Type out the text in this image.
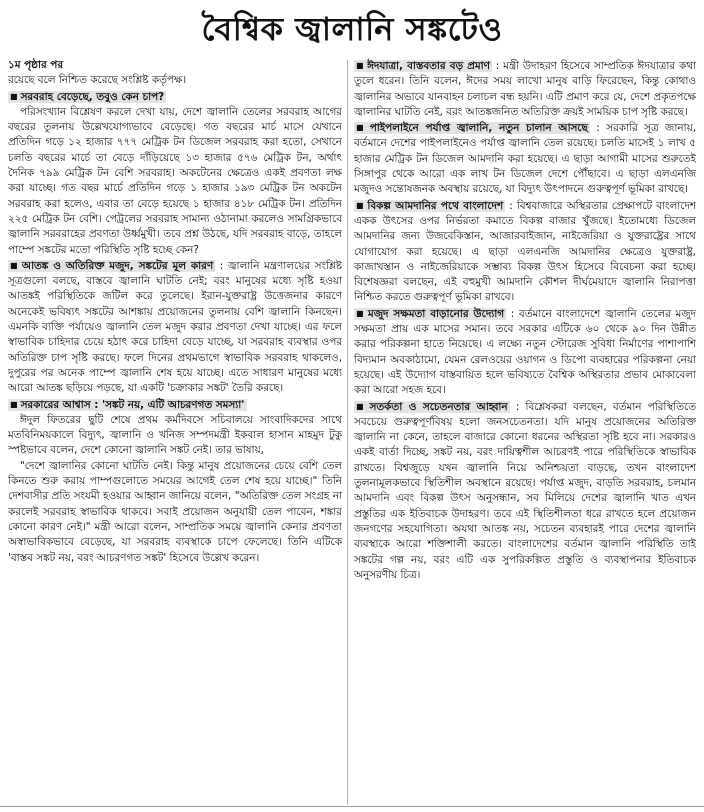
বৈশ্বিক জ্বালানি সঙ্কটেও

১ম পৃষ্ঠার পর

রয়েছে বলে নিশ্চিত করেছে সংশ্লিষ্ট কর্তৃপক্ষ।

■ সরবরাহ বেড়েছে, তবুও কেন চাপ?

পরিসংখ্যান বিশ্লেষণ করলে দেখা যায়, দেশে জ্বালানি তেলের সরবরাহ আগের বছরের তুলনায় উল্লেখযোগ্যভাবে বেড়েছে। গত বছরের মার্চ মাসে যেখানে প্রতিদিন গড়ে ১২ হাজার ৭৭৭ মেট্রিক টন ডিজেল সরবরাহ করা হতো, সেখানে চলতি বছরের মার্চে তা বেড়ে দাঁড়িয়েছে ১৩ হাজার ৫৭৬ মেট্রিক টন, অর্থাৎ দৈনিক ৭৯৯ মেট্রিক টন বেশি সরবরাহ। অকটেনের ক্ষেত্রেও একই প্রবণতা লক্ষ করা যাচ্ছে। গত বছর মার্চে প্রতিদিন গড়ে ১ হাজার ১৯৩ মেট্রিক টন অকটেন সরবরাহ করা হলেও, এবার তা বেড়ে হয়েছে ১ হাজার ৪১৮ মেট্রিক টন। প্রতিদিন ২২৫ মেট্রিক টন বেশি। পেট্রলের সরবরাহ সামান্য ওঠানামা করলেও সামগ্রিকভাবে জ্বালানি সরবরাহের প্রবণতা উর্ধ্বমুখী। তবে প্রশ্ন উঠছে, যদি সরবরাহ বাড়ে, তাহলে পাম্পে সঙ্কটের মতো পরিস্থিতি সৃষ্টি হচ্ছে কেন?

■ আতঙ্ক ও অতিরিক্ত মজুদ, সঙ্কটের মূল কারণ : জ্বালানি মন্ত্রণালয়ের সংশ্লিষ্ট সূত্রগুলো বলছে, বাস্তবে জ্বালানি ঘাটতি নেই; বরং মানুষের মধ্যে সৃষ্টি হওয়া আতঙ্কই পরিস্থিতিকে জটিল করে তুলেছে। ইরান-যুক্তরাষ্ট্র উত্তেজনার কারণে অনেকেই ভবিষ্যৎ সঙ্কটের আশঙ্কায় প্রয়োজনের তুলনায় বেশি জ্বালানি কিনছেন। এমনকি ব্যক্তি পর্যায়েও জ্বালানি তেল মজুদ করার প্রবণতা দেখা যাচ্ছে। এর ফলে স্বাভাবিক চাহিদার চেয়ে হঠাৎ করে চাহিদা বেড়ে যাচ্ছে, যা সরবরাহ ব্যবস্থার ওপর অতিরিক্ত চাপ সৃষ্টি করছে। ফলে দিনের প্রথমভাগে স্বাভাবিক সরবরাহ থাকলেও, দুপুরের পর অনেক পাম্পে জ্বালানি শেষ হয়ে যাচ্ছে। এতে সাধারণ মানুষের মধ্যে আরো আতঙ্ক ছড়িয়ে পড়ছে, যা একটি 'চক্রাকার সঙ্কট' তৈরি করছে।

■ সরকারের আশ্বাস : 'সঙ্কট নয়, এটি আচরণগত সমস্যা'

ঈদুল ফিতরের ছুটি শেষে প্রথম কর্মদিবসে সচিবালয়ে সাংবাদিকদের সাথে মতবিনিময়কালে বিদ্যুৎ, জ্বালানি ও খনিজ সম্পদমন্ত্রী ইকবাল হাসান মাহমুদ টুকু স্পষ্টভাবে বলেন, দেশে কোনো জ্বালানি সঙ্কট নেই। তার ভাষায়,

"দেশে জ্বালানির কোনো ঘাটতি নেই। কিন্তু মানুষ প্রয়োজনের চেয়ে বেশি তেল কিনতে শুরু করায় পাম্পগুলোতে সময়ের আগেই তেল শেষ হয়ে যাচ্ছে।" তিনি দেশবাসীর প্রতি সংযমী হওয়ার আহ্বান জানিয়ে বলেন, "অতিরিক্ত তেল সংগ্রহ না করলেই সরবরাহ স্বাভাবিক থাকবে। সবাই প্রয়োজন অনুযায়ী তেল পাবেন, শঙ্কার কোনো কারণ নেই।" মন্ত্রী আরো বলেন, সাম্প্রতিক সময়ে জ্বালানি কেনার প্রবণতা অস্বাভাবিকভাবে বেড়েছে, যা সরবরাহ ব্যবস্থাকে চাপে ফেলেছে। তিনি এটিকে 'বাস্তব সঙ্কট নয়, বরং আচরণগত সঙ্কট' হিসেবে উল্লেখ করেন।

■ ঈদযাত্রা, বাস্তবতার বড় প্রমাণ : মন্ত্রী উদাহরণ হিসেবে সাম্প্রতিক ঈদযাত্রার কথা তুলে ধরেন। তিনি বলেন, ঈদের সময় লাখো মানুষ বাড়ি ফিরেছেন, কিন্তু কোথাও জ্বালানির অভাবে যানবাহন চলাচল বন্ধ হয়নি। এটি প্রমাণ করে যে, দেশে প্রকৃতপক্ষে জ্বালানির ঘাটতি নেই, বরং আতঙ্কজনিত অতিরিক্ত ক্রয়ই সাময়িক চাপ সৃষ্টি করছে।

■ পাইপলাইনে পর্যাপ্ত জ্বালানি, নতুন চালান আসছে : সরকারি সূত্র জানায়, বর্তমানে দেশের পাইপলাইনেও পর্যাপ্ত জ্বালানি তেল রয়েছে। চলতি মাসেই ১ লাখ ৫ হাজার মেট্রিক টন ডিজেল আমদানি করা হয়েছে। এ ছাড়া আগামী মাসের শুরুতেই সিঙ্গাপুর থেকে আরো এক লাখ টন ডিজেল দেশে পৌঁছাবে। এ ছাড়া এলএনজি মজুদও সন্তোষজনক অবস্থায় রয়েছে, যা বিদ্যুৎ উৎপাদনে গুরুত্বপূর্ণ ভূমিকা রাখছে।

■ বিকল্প আমদানির পথে বাংলাদেশ : বিশ্ববাজারে অস্থিরতার প্রেক্ষাপটে বাংলাদেশ একক উৎসের ওপর নির্ভরতা কমাতে বিকল্প বাজার খুঁজছে। ইতোমধ্যে ডিজেল আমদানির জন্য উজবেকিস্তান, আজারবাইজান, নাইজেরিয়া ও যুক্তরাষ্ট্রের সাথে যোগাযোগ করা হয়েছে। এ ছাড়া এলএনজি আমদানির ক্ষেত্রেও যুক্তরাষ্ট্র, কাজাখস্তান ও নাইজেরিয়াকে সম্ভাব্য বিকল্প উৎস হিসেবে বিবেচনা করা হচ্ছে। বিশেষজ্ঞরা বলছেন, এই বহুমুখী আমদানি কৌশল দীর্ঘমেয়াদে জ্বালানি নিরাপত্তা নিশ্চিত করতে গুরুত্বপূর্ণ ভূমিকা রাখবে।

■ মজুদ সক্ষমতা বাড়ানোর উদ্যোগ : বর্তমানে বাংলাদেশে জ্বালানি তেলের মজুদ সক্ষমতা প্রায় এক মাসের সমান। তবে সরকার এটিকে ৬০ থেকে ৯০ দিন উন্নীত করার পরিকল্পনা হাতে নিয়েছে। এ লক্ষ্যে নতুন স্টোরেজ সুবিধা নির্মাণের পাশাপাশি বিদ্যমান অবকাঠামো, যেমন রেলওয়ের ওয়াগন ও ডিপো ব্যবহারের পরিকল্পনা নেয়া হয়েছে। এই উদ্যোগ বাস্তবায়িত হলে ভবিষ্যতে বৈশ্বিক অস্থিরতার প্রভাব মোকাবেলা করা আরো সহজ হবে।

■ সতর্কতা ও সচেতনতার আহ্বান : বিশ্লেষকরা বলছেন, বর্তমান পরিস্থিতিতে সবচেয়ে গুরুত্বপূর্ণবিষয় হলো জনসচেতনতা। যদি মানুষ প্রয়োজনের অতিরিক্ত জ্বালানি না কেনে, তাহলে বাজারে কোনো ধরনের অস্থিরতা সৃষ্টি হবে না। সরকারও একই বার্তা দিচ্ছে, সঙ্কট নয়, বরং দায়িত্বশীল আচরণই পারে পরিস্থিতিকে স্বাভাবিক রাখতে। বিশ্বজুড়ে যখন জ্বালানি নিয়ে অনিশ্চয়তা বাড়ছে, তখন বাংলাদেশ তুলনামূলকভাবে স্থিতিশীল অবস্থানে রয়েছে। পর্যাপ্ত মজুদ, বাড়তি সরবরাহ, চলমান আমদানি এবং বিকল্প উৎস অনুসন্ধান, সব মিলিয়ে দেশের জ্বালানি খাত এখন প্রস্তুতির এক ইতিবাচক উদাহরণ। তবে এই স্থিতিশীলতা ধরে রাখতে হলে প্রয়োজন জনগণের সহযোগিতা। অযথা আতঙ্ক নয়, সচেতন ব্যবহারই পারে দেশের জ্বালানি ব্যবস্থাকে আরো শক্তিশালী করতে। বাংলাদেশের বর্তমান জ্বালানি পরিস্থিতি তাই সঙ্কটের গল্প নয়, বরং এটি এক সুপরিকল্পিত প্রস্তুতি ও ব্যবস্থাপনার ইতিবাচক অনুসরণীয় চিত্র।
